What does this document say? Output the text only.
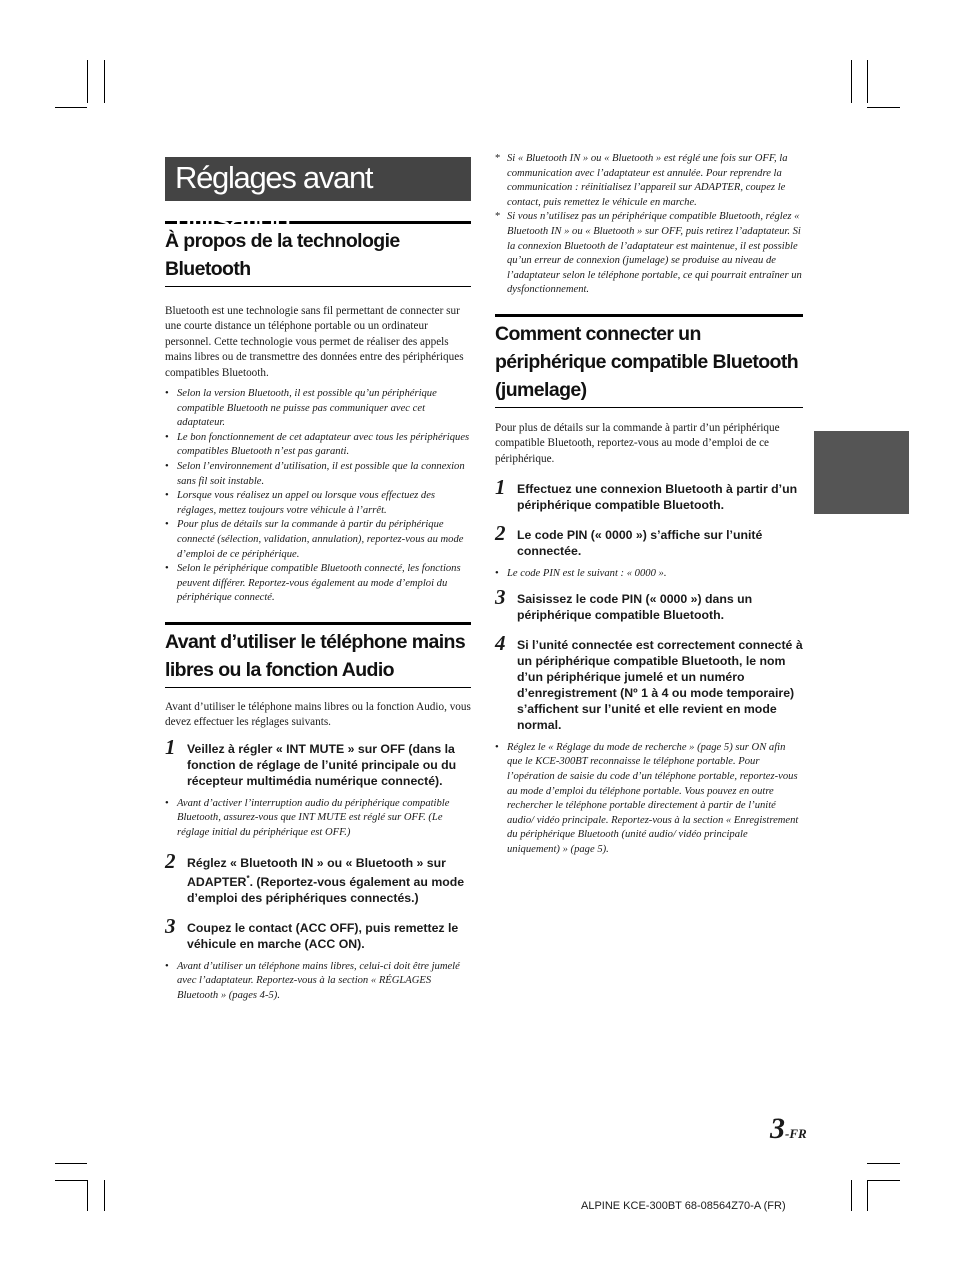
Réglages avant utilisation
À propos de la technologie Bluetooth

Bluetooth est une technologie sans fil permettant de connecter sur une courte distance un téléphone portable ou un ordinateur personnel. Cette technologie vous permet de réaliser des appels mains libres ou de transmettre des données entre des périphériques compatibles Bluetooth.

• Selon la version Bluetooth, il est possible qu’un périphérique compatible Bluetooth ne puisse pas communiquer avec cet adaptateur.
• Le bon fonctionnement de cet adaptateur avec tous les périphériques compatibles Bluetooth n’est pas garanti.
• Selon l’environnement d’utilisation, il est possible que la connexion sans fil soit instable.
• Lorsque vous réalisez un appel ou lorsque vous effectuez des réglages, mettez toujours votre véhicule à l’arrêt.
• Pour plus de détails sur la commande à partir du périphérique connecté (sélection, validation, annulation), reportez-vous au mode d’emploi de ce périphérique.
• Selon le périphérique compatible Bluetooth connecté, les fonctions peuvent différer. Reportez-vous également au mode d’emploi du périphérique connecté.
Avant d’utiliser le téléphone mains libres ou la fonction Audio

Avant d’utiliser le téléphone mains libres ou la fonction Audio, vous devez effectuer les réglages suivants.

1 Veillez à régler « INT MUTE » sur OFF (dans la fonction de réglage de l’unité principale ou du récepteur multimédia numérique connecté).
• Avant d’activer l’interruption audio du périphérique compatible Bluetooth, assurez-vous que INT MUTE est réglé sur OFF. (Le réglage initial du périphérique est OFF.)
2 Réglez « Bluetooth IN » ou « Bluetooth » sur ADAPTER*. (Reportez-vous également au mode d’emploi des périphériques connectés.)
3 Coupez le contact (ACC OFF), puis remettez le véhicule en marche (ACC ON).
• Avant d’utiliser un téléphone mains libres, celui-ci doit être jumelé avec l’adaptateur. Reportez-vous à la section « RÉGLAGES Bluetooth » (pages 4-5).
* Si « Bluetooth IN » ou « Bluetooth » est réglé une fois sur OFF, la communication avec l’adaptateur est annulée. Pour reprendre la communication : réinitialisez l’appareil sur ADAPTER, coupez le contact, puis remettez le véhicule en marche.
* Si vous n’utilisez pas un périphérique compatible Bluetooth, réglez « Bluetooth IN » ou « Bluetooth » sur OFF, puis retirez l’adaptateur. Si la connexion Bluetooth de l’adaptateur est maintenue, il est possible qu’un erreur de connexion (jumelage) se produise au niveau de l’adaptateur selon le téléphone portable, ce qui pourrait entraîner un dysfonctionnement.
Comment connecter un périphérique compatible Bluetooth (jumelage)

Pour plus de détails sur la commande à partir d’un périphérique compatible Bluetooth, reportez-vous au mode d’emploi de ce périphérique.

1 Effectuez une connexion Bluetooth à partir d’un périphérique compatible Bluetooth.
2 Le code PIN (« 0000 ») s’affiche sur l’unité connectée.
• Le code PIN est le suivant : « 0000 ».
3 Saisissez le code PIN (« 0000 ») dans un périphérique compatible Bluetooth.
4 Si l’unité connectée est correctement connecté à un périphérique compatible Bluetooth, le nom d’un périphérique jumelé et un numéro d’enregistrement (Nº 1 à 4 ou mode temporaire) s’affichent sur l’unité et elle revient en mode normal.
• Réglez le « Réglage du mode de recherche » (page 5) sur ON afin que le KCE-300BT reconnaisse le téléphone portable. Pour l’opération de saisie du code d’un téléphone portable, reportez-vous au mode d’emploi du téléphone portable. Vous pouvez en outre rechercher le téléphone portable directement à partir de l’unité audio/ vidéo principale. Reportez-vous à la section « Enregistrement du périphérique Bluetooth (unité audio/ vidéo principale uniquement) » (page 5).
3-FR
ALPINE KCE-300BT 68-08564Z70-A (FR)
